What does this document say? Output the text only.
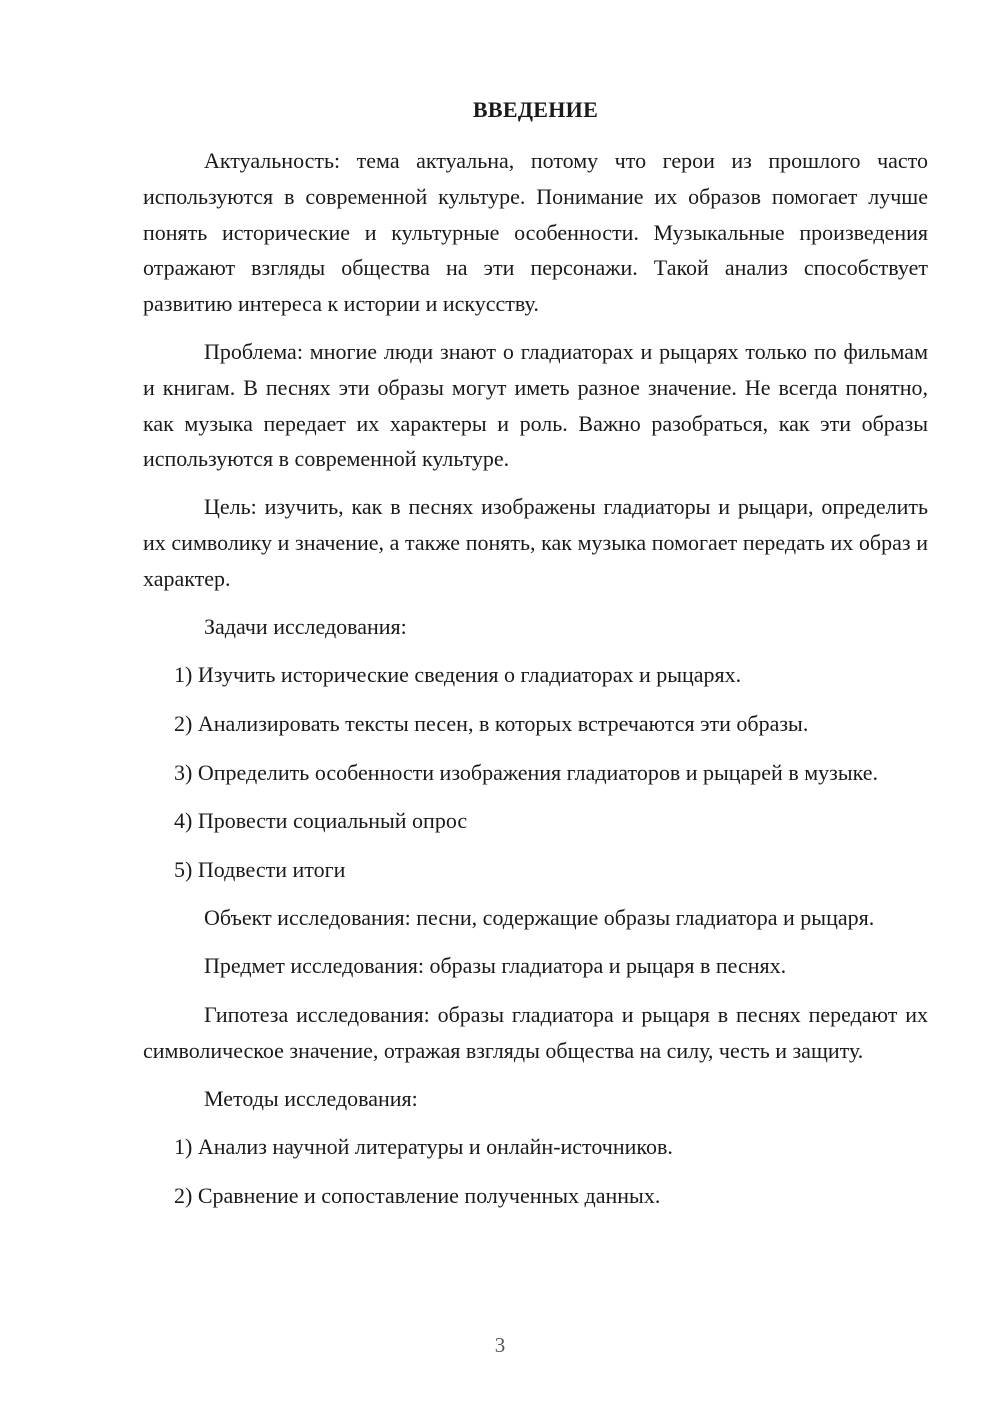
ВВЕДЕНИЕ

Актуальность: тема актуальна, потому что герои из прошлого часто используются в современной культуре. Понимание их образов помогает лучше понять исторические и культурные особенности. Музыкальные произведения отражают взгляды общества на эти персонажи. Такой анализ способствует развитию интереса к истории и искусству.

Проблема: многие люди знают о гладиаторах и рыцарях только по фильмам и книгам. В песнях эти образы могут иметь разное значение. Не всегда понятно, как музыка передает их характеры и роль. Важно разобраться, как эти образы используются в современной культуре.

Цель: изучить, как в песнях изображены гладиаторы и рыцари, определить их символику и значение, а также понять, как музыка помогает передать их образ и характер.

Задачи исследования:

1) Изучить исторические сведения о гладиаторах и рыцарях.

2) Анализировать тексты песен, в которых встречаются эти образы.

3) Определить особенности изображения гладиаторов и рыцарей в музыке.

4) Провести социальный опрос

5) Подвести итоги

Объект исследования: песни, содержащие образы гладиатора и рыцаря.

Предмет исследования: образы гладиатора и рыцаря в песнях.

Гипотеза исследования: образы гладиатора и рыцаря в песнях передают их символическое значение, отражая взгляды общества на силу, честь и защиту.

Методы исследования:

1) Анализ научной литературы и онлайн-источников.

2) Сравнение и сопоставление полученных данных.

3
